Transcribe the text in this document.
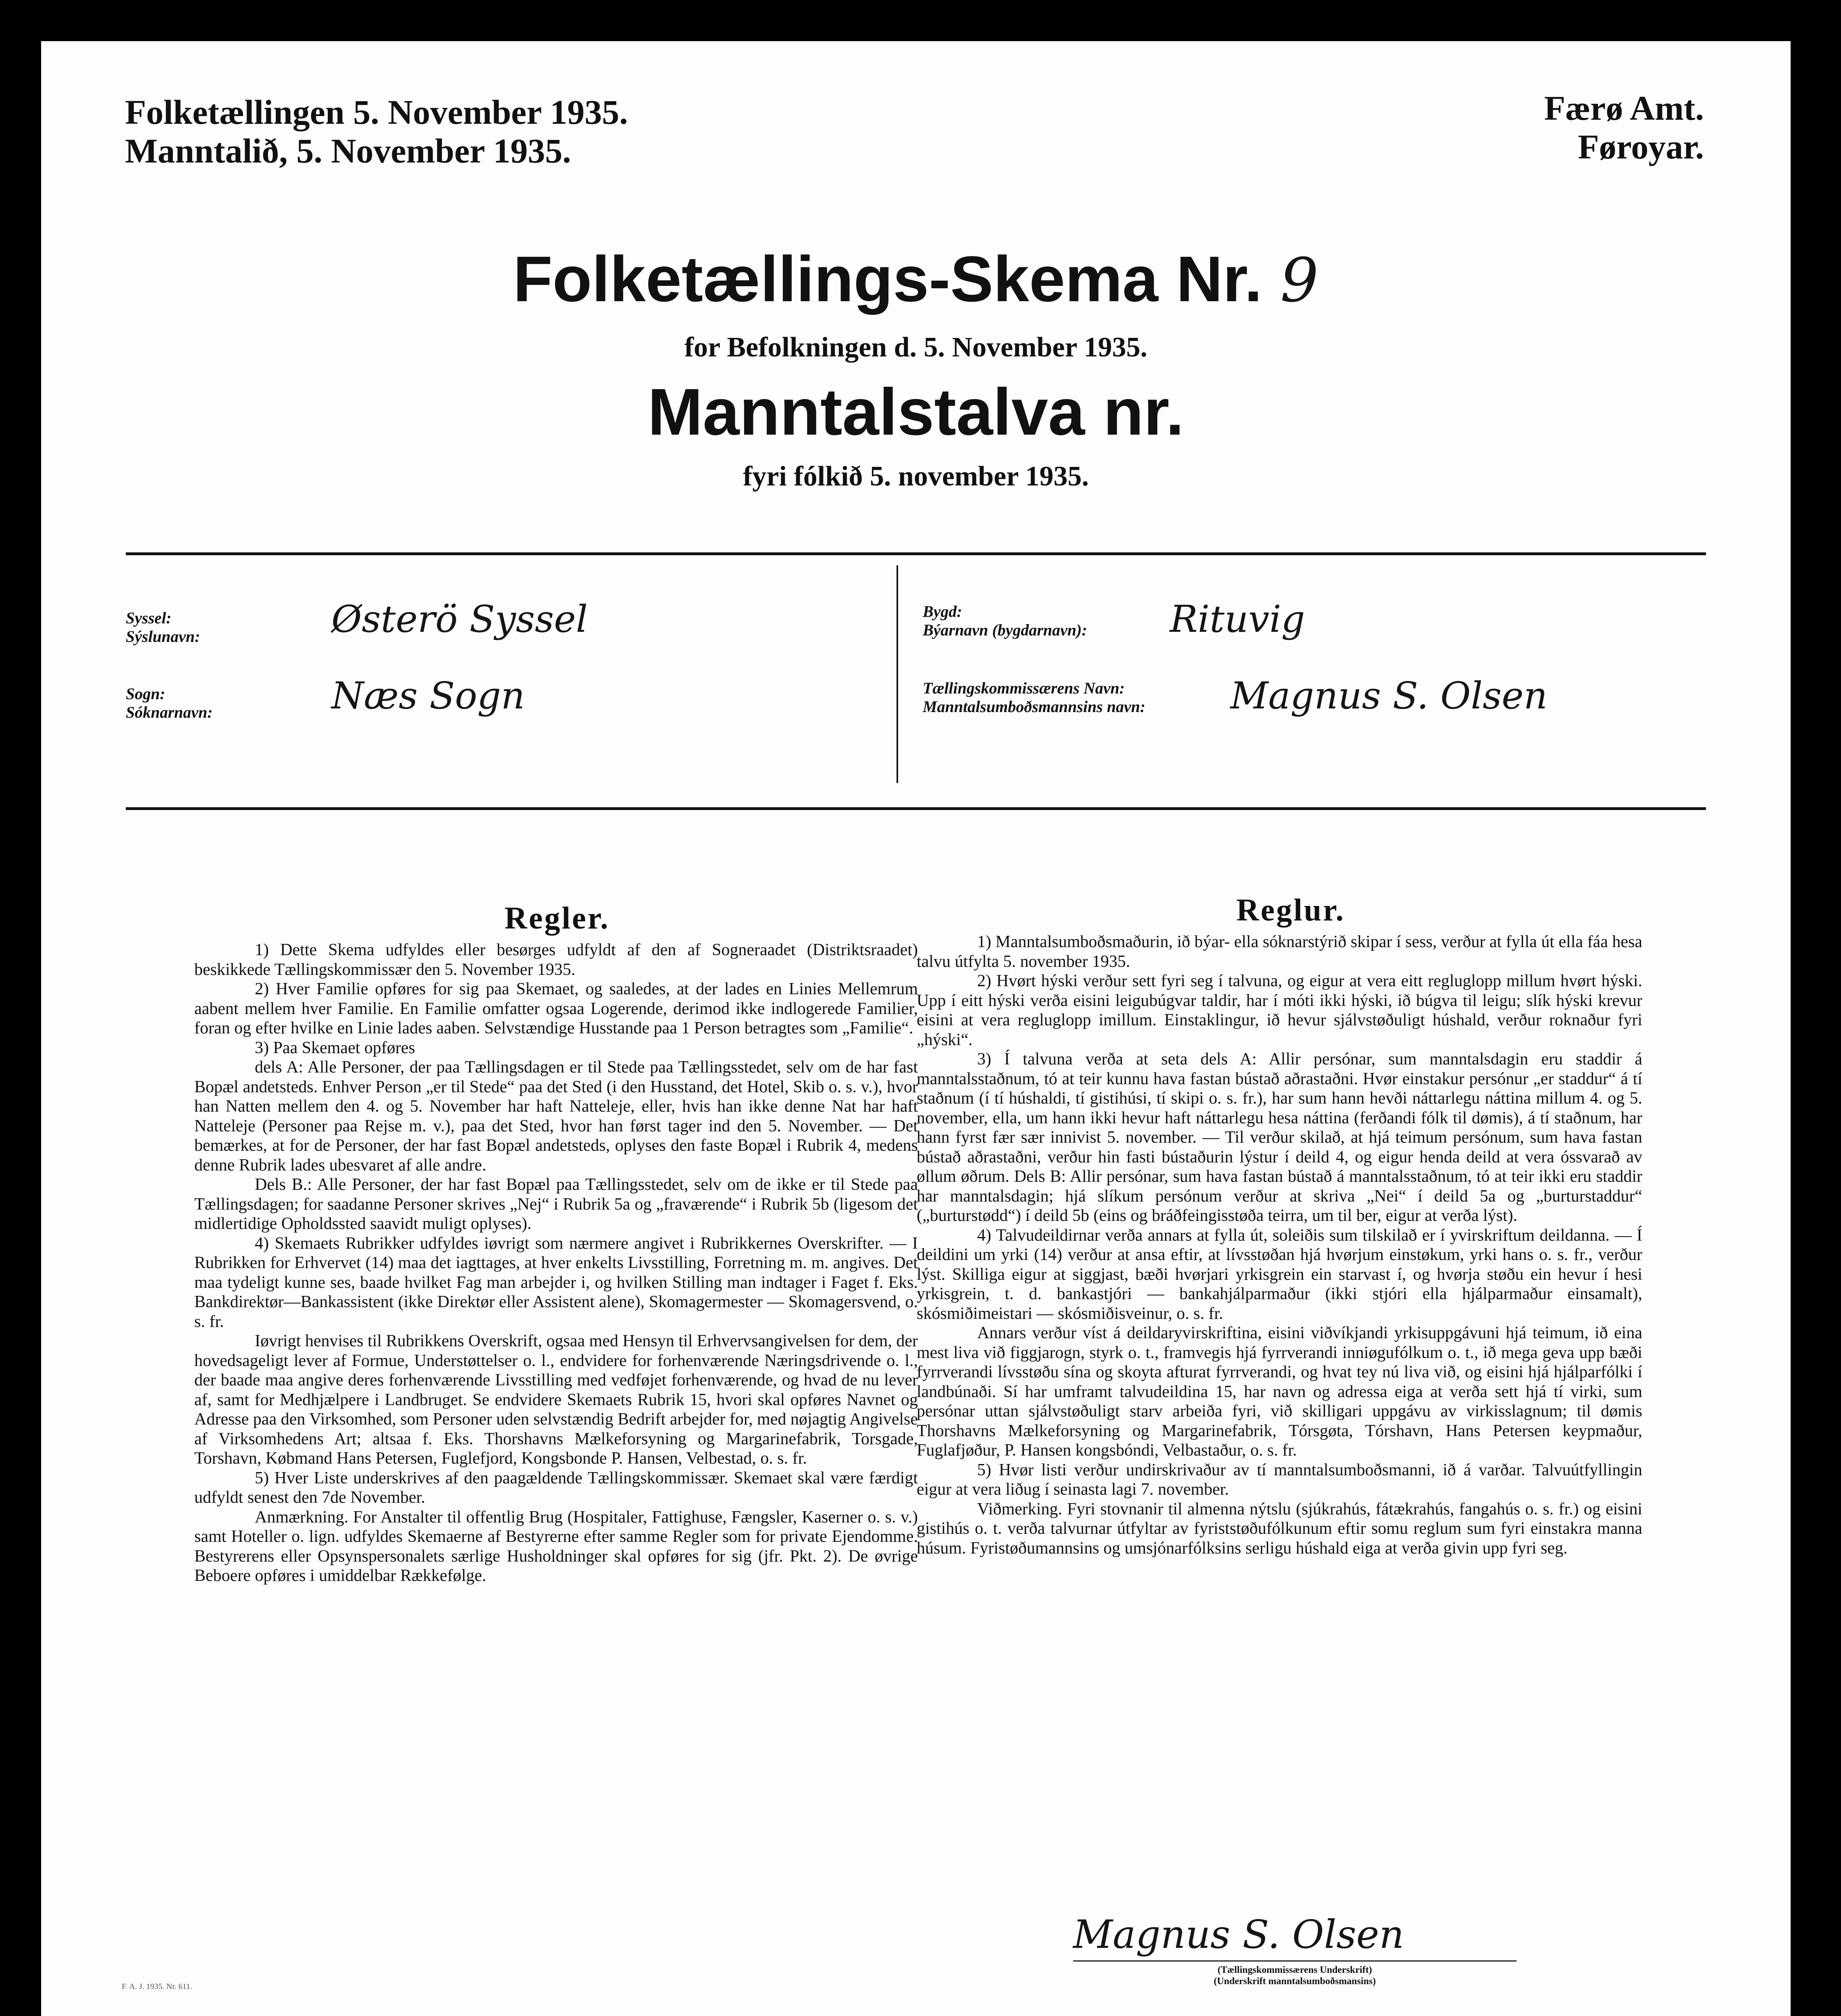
Folketællingen 5. November 1935.
Manntalið, 5. November 1935.
Færø Amt.
Føroyar.
Folketællings-Skema Nr. 9
for Befolkningen d. 5. November 1935.
Manntalstalva nr.
fyri fólkið 5. november 1935.
Syssel:
Sýslunavn:	Østerö Syssel
Sogn:
Sóknarnavn:	Næs Sogn
Bygd:
Býarnavn (bygdarnavn): Rituvig
Tællingskommissærens Navn:
Manntalsumboðsmannsins navn: Magnus S. Olsen
Regler.	Reglur.

1) Dette Skema udfyldes eller besørges udfyldt af den af Sogneraadet (Distriktsraadet) beskikkede Tællingskommissær den 5. November 1935.

2) Hver Familie opføres for sig paa Skemaet, og saaledes, at der lades en Linies Mellemrum aabent mellem hver Familie. En Familie omfatter ogsaa Logerende, derimod ikke indlogerede Familier, foran og efter hvilke en Linie lades aaben. Selvstændige Husstande paa 1 Person betragtes som „Familie“.

3) Paa Skemaet opføres

dels A: Alle Personer, der paa Tællingsdagen er til Stede paa Tællingsstedet, selv om de har fast Bopæl andetsteds. Enhver Person „er til Stede“ paa det Sted (i den Husstand, det Hotel, Skib o. s. v.), hvor han Natten mellem den 4. og 5. November har haft Natteleje, eller, hvis han ikke denne Nat har haft Natteleje (Personer paa Rejse m. v.), paa det Sted, hvor han først tager ind den 5. November. — Det bemærkes, at for de Personer, der har fast Bopæl andetsteds, oplyses den faste Bopæl i Rubrik 4, medens denne Rubrik lades ubesvaret af alle andre.

Dels B.: Alle Personer, der har fast Bopæl paa Tællingsstedet, selv om de ikke er til Stede paa Tællingsdagen; for saadanne Personer skrives „Nej“ i Rubrik 5a og „fraværende“ i Rubrik 5b (ligesom det midlertidige Opholdssted saavidt muligt oplyses).

4) Skemaets Rubrikker udfyldes iøvrigt som nærmere angivet i Rubrikkernes Overskrifter. — I Rubrikken for Erhvervet (14) maa det iagttages, at hver enkelts Livsstilling, Forretning m. m. angives. Det maa tydeligt kunne ses, baade hvilket Fag man arbejder i, og hvilken Stilling man indtager i Faget f. Eks. Bankdirektør—Bankassistent (ikke Direktør eller Assistent alene), Skomagermester — Skomagersvend, o. s. fr.

Iøvrigt henvises til Rubrikkens Overskrift, ogsaa med Hensyn til Erhvervsangivelsen for dem, der hovedsageligt lever af Formue, Understøttelser o. l., endvidere for forhenværende Næringsdrivende o. l., der baade maa angive deres forhenværende Livsstilling med vedføjet forhenværende, og hvad de nu lever af, samt for Medhjælpere i Landbruget. Se endvidere Skemaets Rubrik 15, hvori skal opføres Navnet og Adresse paa den Virksomhed, som Personer uden selvstændig Bedrift arbejder for, med nøjagtig Angivelse af Virksomhedens Art; altsaa f. Eks. Thorshavns Mælkeforsyning og Margarinefabrik, Torsgade, Torshavn, Købmand Hans Petersen, Fuglefjord, Kongsbonde P. Hansen, Velbestad, o. s. fr.

5) Hver Liste underskrives af den paagældende Tællingskommissær. Skemaet skal være færdigt udfyldt senest den 7de November.

Anmærkning. For Anstalter til offentlig Brug (Hospitaler, Fattighuse, Fængsler, Kaserner o. s. v.) samt Hoteller o. lign. udfyldes Skemaerne af Bestyrerne efter samme Regler som for private Ejendomme. Bestyrerens eller Opsynspersonalets særlige Husholdninger skal opføres for sig (jfr. Pkt. 2). De øvrige Beboere opføres i umiddelbar Rækkefølge.

1) Manntalsumboðsmaðurin, ið býar- ella sóknarstýrið skipar í sess, verður at fylla út ella fáa hesa talvu útfylta 5. november 1935.

2) Hvørt hýski verður sett fyri seg í talvuna, og eigur at vera eitt regluglopp millum hvørt hýski. Upp í eitt hýski verða eisini leigubúgvar taldir, har í móti ikki hýski, ið búgva til leigu; slík hýski krevur eisini at vera regluglopp imillum. Einstaklingur, ið hevur sjálvstøðuligt húshald, verður roknaður fyri „hýski“.

3) Í talvuna verða at seta dels A: Allir persónar, sum manntalsdagin eru staddir á manntalsstaðnum, tó at teir kunnu hava fastan bústað aðrastaðni. Hvør einstakur persónur „er staddur“ á tí staðnum (í tí húshaldi, tí gistihúsi, tí skipi o. s. fr.), har sum hann hevði náttarlegu náttina millum 4. og 5. november, ella, um hann ikki hevur haft náttarlegu hesa náttina (ferðandi fólk til dømis), á tí staðnum, har hann fyrst fær sær innivist 5. november. — Til verður skilað, at hjá teimum persónum, sum hava fastan bústað aðrastaðni, verður hin fasti bústaðurin lýstur í deild 4, og eigur henda deild at vera óssvarað av øllum øðrum. Dels B: Allir persónar, sum hava fastan bústað á manntalsstaðnum, tó at teir ikki eru staddir har manntalsdagin; hjá slíkum persónum verður at skriva „Nei“ í deild 5a og „burturstaddur“ („burturstødd“) í deild 5b (eins og bráðfeingisstøða teirra, um til ber, eigur at verða lýst).

4) Talvudeildirnar verða annars at fylla út, soleiðis sum tilskilað er í yvirskriftum deildanna. — Í deildini um yrki (14) verður at ansa eftir, at lívsstøðan hjá hvørjum einstøkum, yrki hans o. s. fr., verður lýst. Skilliga eigur at siggjast, bæði hvørjari yrkisgrein ein starvast í, og hvørja støðu ein hevur í hesi yrkisgrein, t. d. bankastjóri — bankahjálparmaður (ikki stjóri ella hjálparmaður einsamalt), skósmiðimeistari — skósmiðisveinur, o. s. fr.

Annars verður víst á deildaryvirskriftina, eisini viðvíkjandi yrkisuppgávuni hjá teimum, ið eina mest liva við figgjarogn, styrk o. t., framvegis hjá fyrrverandi inniøgufólkum o. t., ið mega geva upp bæði fyrrverandi lívsstøðu sína og skoyta afturat fyrrverandi, og hvat tey nú liva við, og eisini hjá hjálparfólki í landbúnaði. Sí har umframt talvudeildina 15, har navn og adressa eiga at verða sett hjá tí virki, sum persónar uttan sjálvstøðuligt starv arbeiða fyri, við skilligari uppgávu av virkisslagnum; til dømis Thorshavns Mælkeforsyning og Margarinefabrik, Tórsgøta, Tórshavn, Hans Petersen keypmaður, Fuglafjøður, P. Hansen kongsbóndi, Velbastaður, o. s. fr.

5) Hvør listi verður undirskrivaður av tí manntalsumboðsmanni, ið á varðar. Talvuútfyllingin eigur at vera liðug í seinasta lagi 7. november.

Viðmerking. Fyri stovnanir til almenna nýtslu (sjúkrahús, fátækrahús, fangahús o. s. fr.) og eisini gistihús o. t. verða talvurnar útfyltar av fyriststøðufólkunum eftir somu reglum sum fyri einstakra manna húsum. Fyristøðumannsins og umsjónarfólksins serligu húshald eiga at verða givin upp fyri seg.

Magnus S. Olsen
(Tællingskommissærens Underskrift)
(Underskrift manntalsumboðsmansins)
F. A. J. 1935. Nr. 611.
